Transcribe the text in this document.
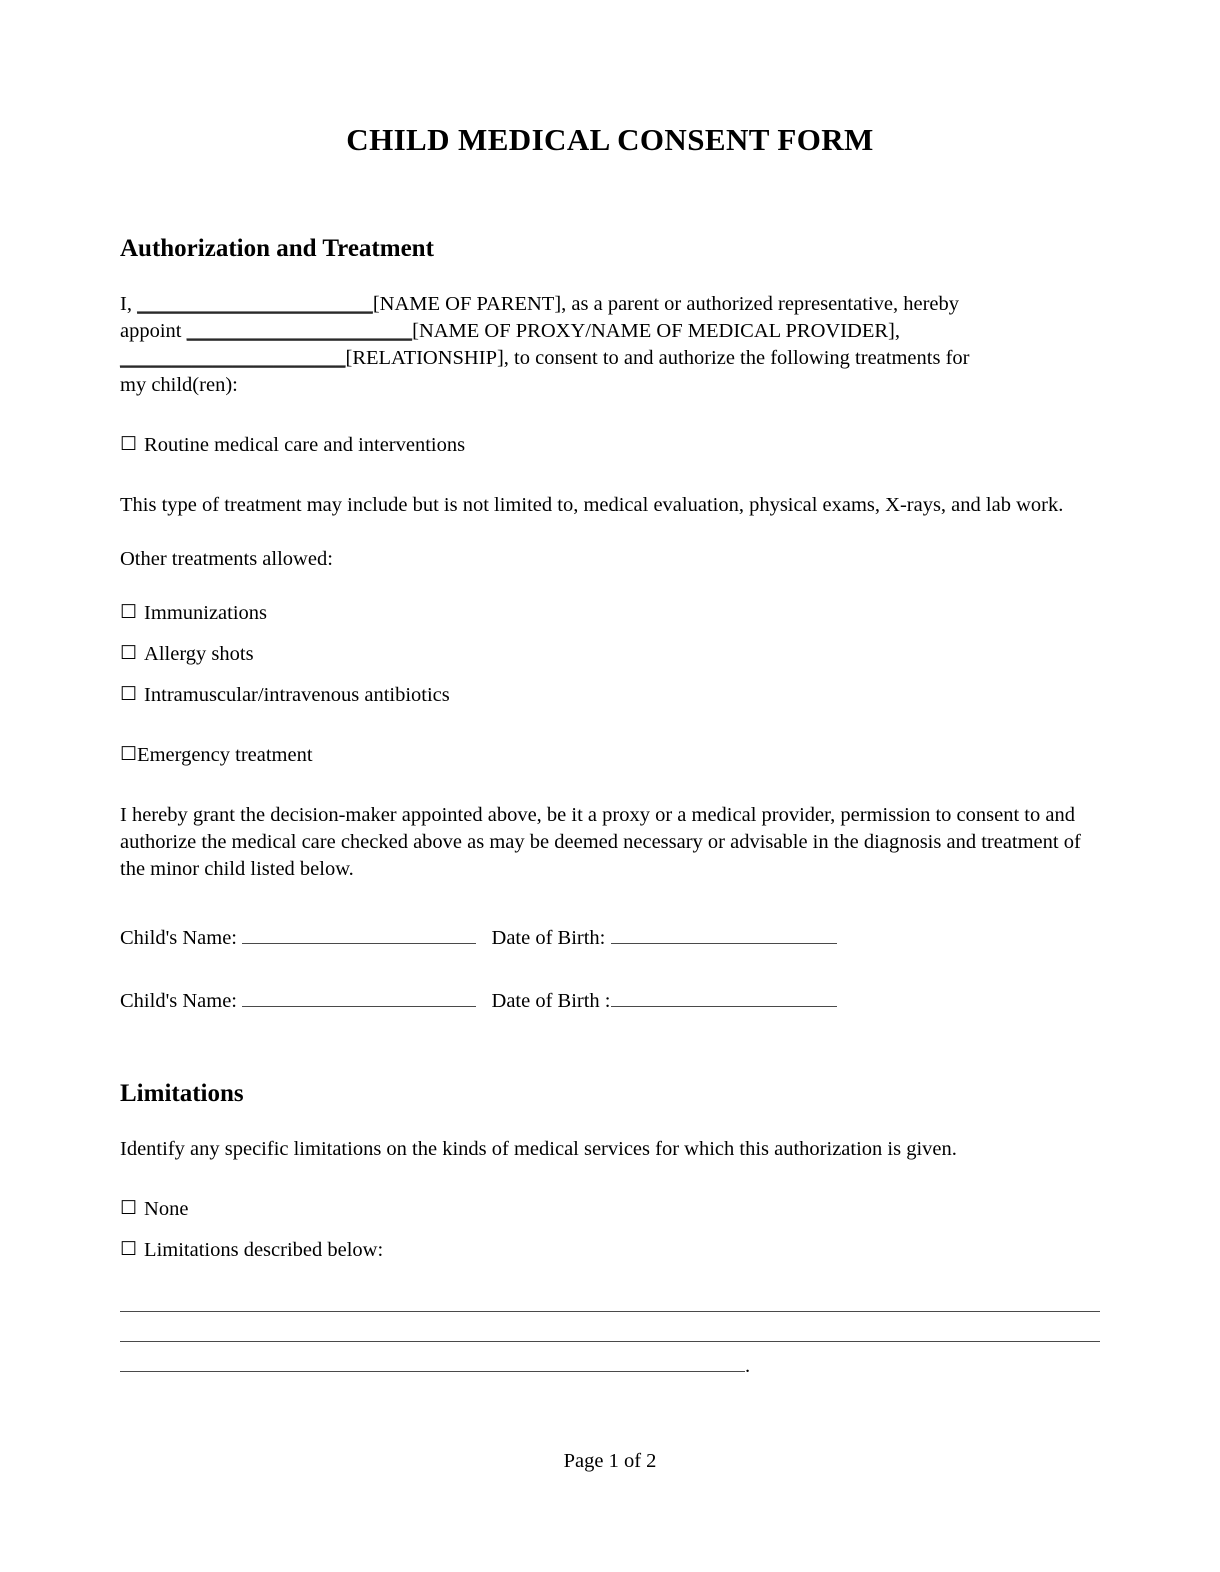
CHILD MEDICAL CONSENT FORM
Authorization and Treatment

I, _______________________[NAME OF PARENT], as a parent or authorized representative, hereby
appoint ______________________[NAME OF PROXY/NAME OF MEDICAL PROVIDER],
______________________[RELATIONSHIP], to consent to and authorize the following treatments for
my child(ren):

☐ Routine medical care and interventions

This type of treatment may include but is not limited to, medical evaluation, physical exams, X-rays, and lab work.

Other treatments allowed:

☐ Immunizations
☐ Allergy shots
☐ Intramuscular/intravenous antibiotics
☐Emergency treatment

I hereby grant the decision-maker appointed above, be it a proxy or a medical provider, permission to consent to and authorize the medical care checked above as may be deemed necessary or advisable in the diagnosis and treatment of the minor child listed below.

Child's Name:	Date of Birth:
Child's Name:	Date of Birth :
Limitations

Identify any specific limitations on the kinds of medical services for which this authorization is given.

☐ None
☐ Limitations described below:
.
Page 1 of 2
